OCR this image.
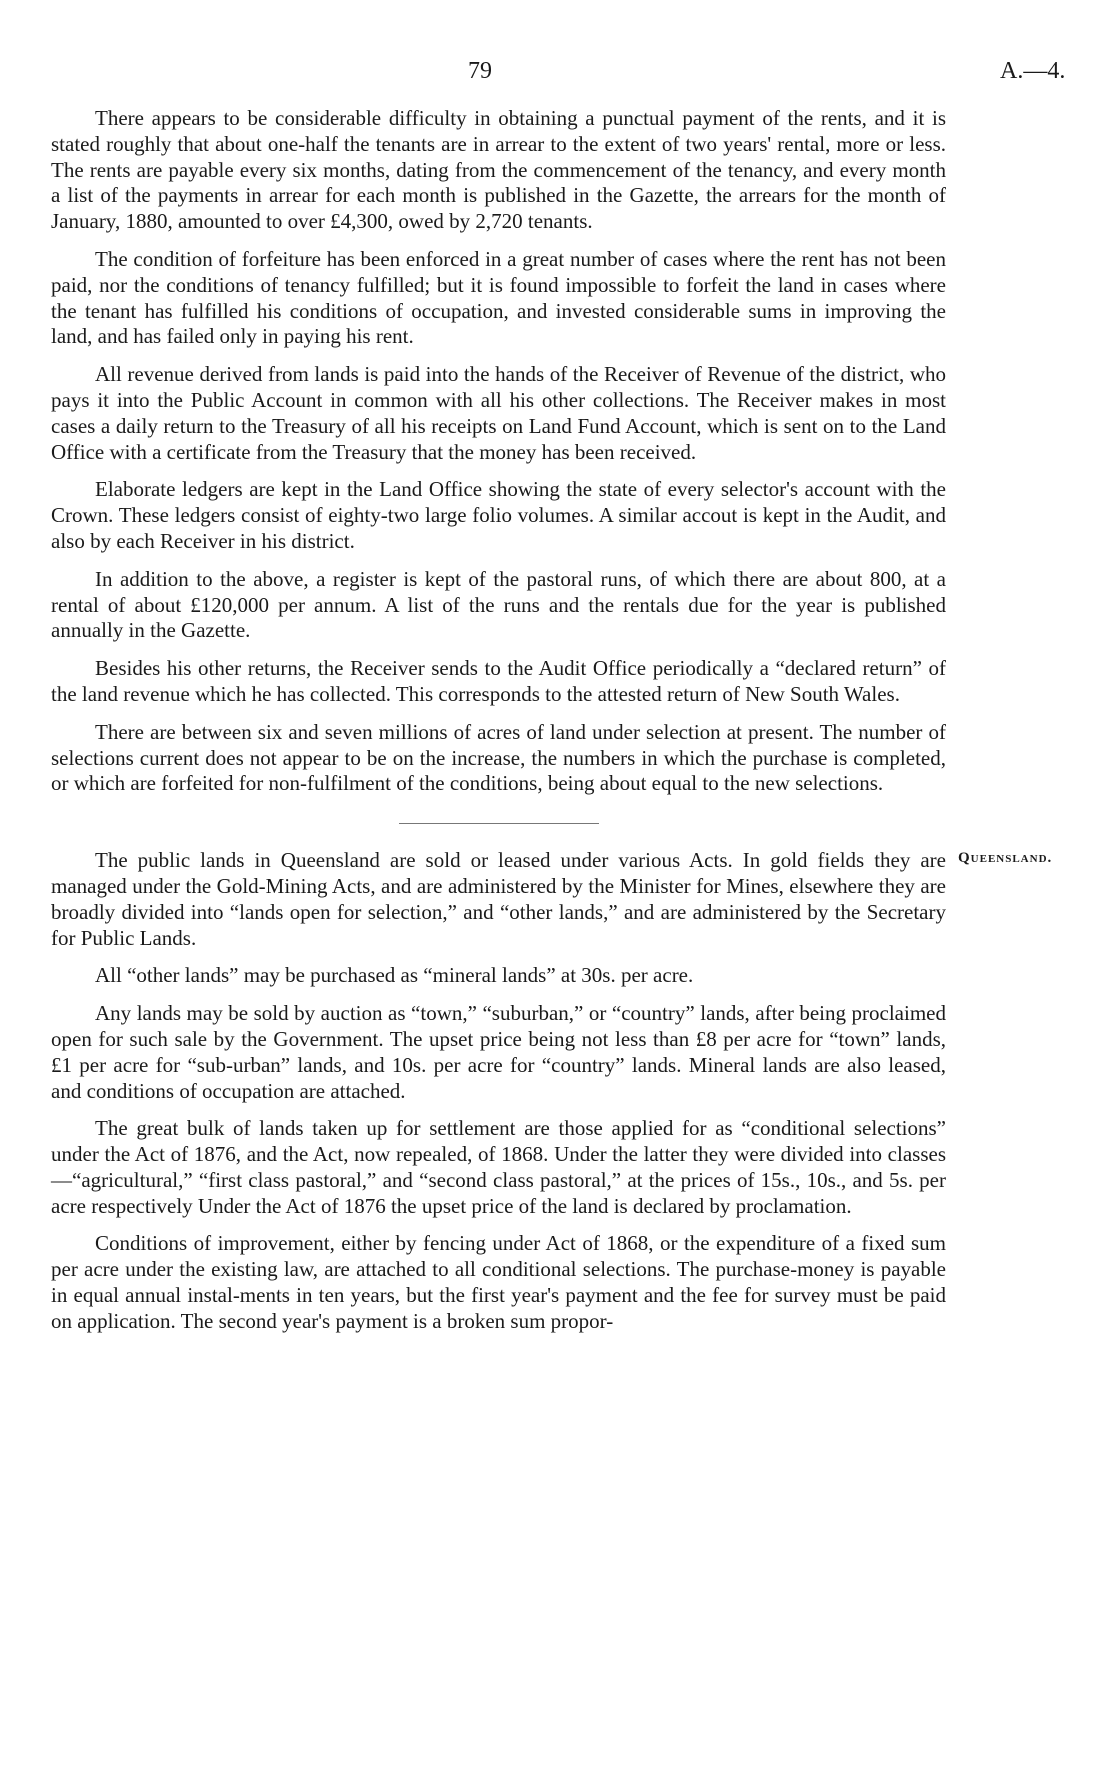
79	A.—4.

There appears to be considerable difficulty in obtaining a punctual payment of the rents, and it is stated roughly that about one-half the tenants are in arrear to the extent of two years' rental, more or less. The rents are payable every six months, dating from the commencement of the tenancy, and every month a list of the payments in arrear for each month is published in the Gazette, the arrears for the month of January, 1880, amounted to over £4,300, owed by 2,720 tenants.

The condition of forfeiture has been enforced in a great number of cases where the rent has not been paid, nor the conditions of tenancy fulfilled; but it is found impossible to forfeit the land in cases where the tenant has fulfilled his conditions of occupation, and invested considerable sums in improving the land, and has failed only in paying his rent.

All revenue derived from lands is paid into the hands of the Receiver of Revenue of the district, who pays it into the Public Account in common with all his other collections. The Receiver makes in most cases a daily return to the Treasury of all his receipts on Land Fund Account, which is sent on to the Land Office with a certificate from the Treasury that the money has been received.

Elaborate ledgers are kept in the Land Office showing the state of every selector's account with the Crown. These ledgers consist of eighty-two large folio volumes. A similar accout is kept in the Audit, and also by each Receiver in his district.

In addition to the above, a register is kept of the pastoral runs, of which there are about 800, at a rental of about £120,000 per annum. A list of the runs and the rentals due for the year is published annually in the Gazette.

Besides his other returns, the Receiver sends to the Audit Office periodically a “declared return” of the land revenue which he has collected. This corresponds to the attested return of New South Wales.

There are between six and seven millions of acres of land under selection at present. The number of selections current does not appear to be on the increase, the numbers in which the purchase is completed, or which are forfeited for non-fulfilment of the conditions, being about equal to the new selections.

Queensland.

The public lands in Queensland are sold or leased under various Acts. In gold fields they are managed under the Gold-Mining Acts, and are administered by the Minister for Mines, elsewhere they are broadly divided into “lands open for selection,” and “other lands,” and are administered by the Secretary for Public Lands.

All “other lands” may be purchased as “mineral lands” at 30s. per acre.

Any lands may be sold by auction as “town,” “suburban,” or “country” lands, after being proclaimed open for such sale by the Government. The upset price being not less than £8 per acre for “town” lands, £1 per acre for “sub-urban” lands, and 10s. per acre for “country” lands. Mineral lands are also leased, and conditions of occupation are attached.

The great bulk of lands taken up for settlement are those applied for as “conditional selections” under the Act of 1876, and the Act, now repealed, of 1868. Under the latter they were divided into classes—“agricultural,” “first class pastoral,” and “second class pastoral,” at the prices of 15s., 10s., and 5s. per acre respectively Under the Act of 1876 the upset price of the land is declared by proclamation.

Conditions of improvement, either by fencing under Act of 1868, or the expenditure of a fixed sum per acre under the existing law, are attached to all conditional selections. The purchase-money is payable in equal annual instal-ments in ten years, but the first year's payment and the fee for survey must be paid on application. The second year's payment is a broken sum propor-
